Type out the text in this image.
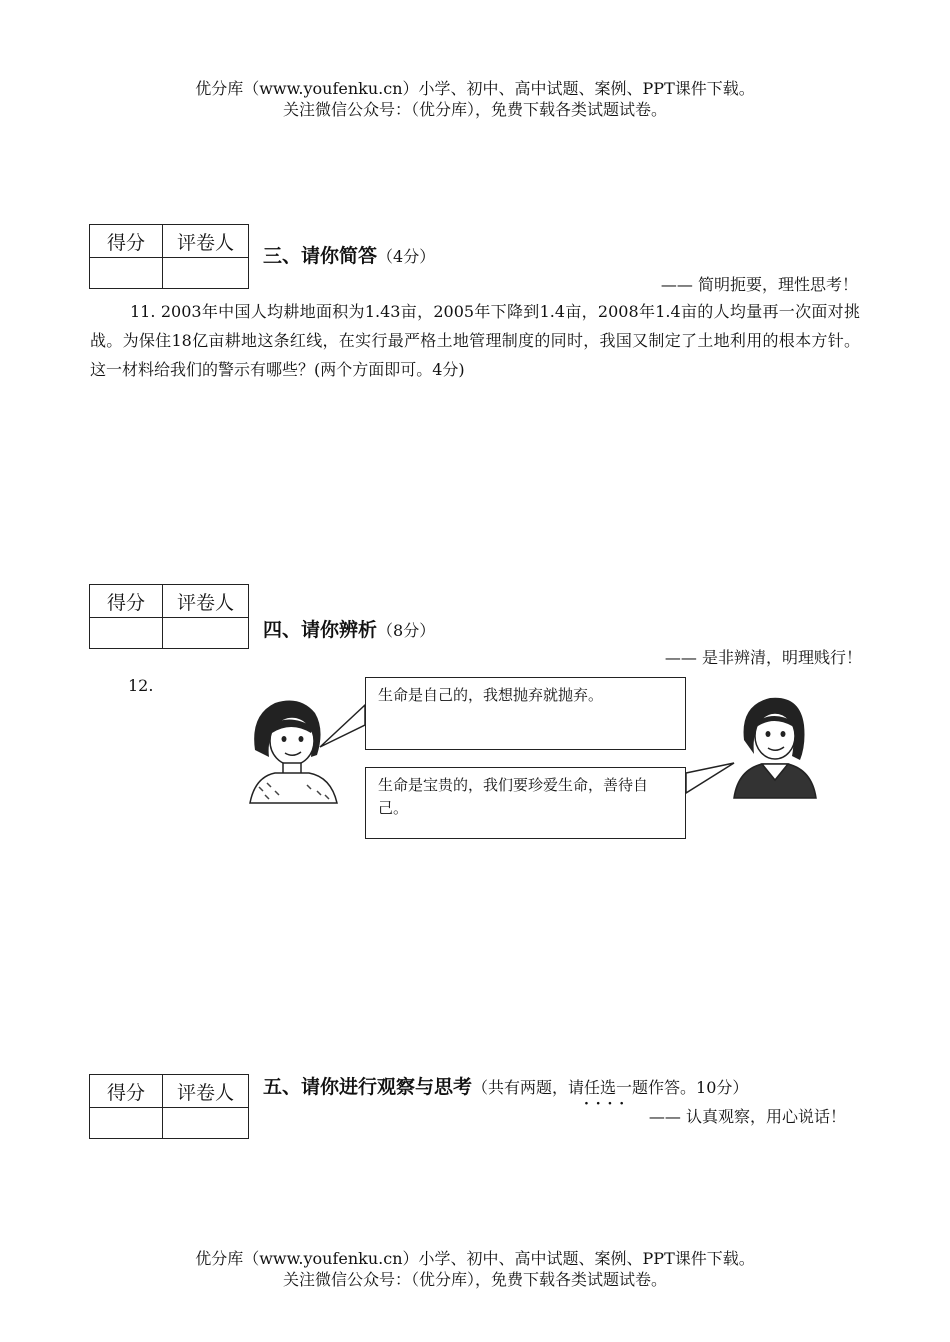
优分库（www.youfenku.cn）小学、初中、高中试题、案例、PPT课件下载。
关注微信公众号：（优分库），免费下载各类试题试卷。
得分	评卷人

三、请你简答（4分）
—— 简明扼要，理性思考！
11. 2003年中国人均耕地面积为1.43亩，2005年下降到1.4亩，2008年1.4亩的人均量再一次面对挑战。为保住18亿亩耕地这条红线，在实行最严格土地管理制度的同时，我国又制定了土地利用的根本方针。这一材料给我们的警示有哪些？(两个方面即可。4分)
得分	评卷人

四、请你辨析（8分）
—— 是非辨清，明理贱行！
12.	生命是自己的，我想抛弃就抛弃。
生命是宝贵的，我们要珍爱生命，善待自己。
得分	评卷人
	五、请你进行观察与思考（共有两题，请任选一题 · · · ·作答。10分）
—— 认真观察，用心说话！
优分库（www.youfenku.cn）小学、初中、高中试题、案例、PPT课件下载。
关注微信公众号：（优分库），免费下载各类试题试卷。
